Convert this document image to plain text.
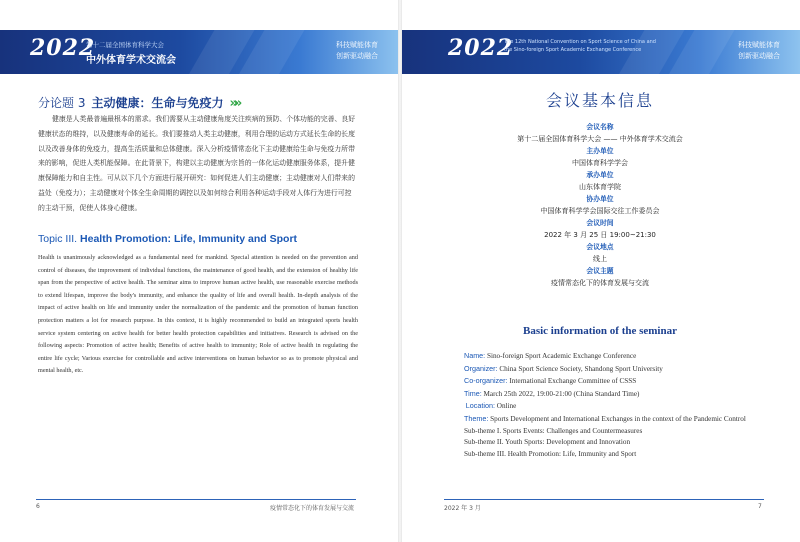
2022
第十二届全国体育科学大会
中外体育学术交流会
科技赋能体育
创新驱动融合
分论题 3 主动健康：生命与免疫力 »»
健康是人类最普遍最根本的需求。我们需要从主动健康角度关注疾病的预防、个体功能的完善、良好健康状态的维持，以及健康寿命的延长。我们要推动人类主动健康，利用合理的运动方式延长生命的长度以及改善身体的免疫力，提高生活质量和总体健康。深入分析疫情常态化下主动健康给生命与免疫力所带来的影响，促进人类机能保障。在此背景下，构建以主动健康为宗旨的一体化运动健康服务体系，提升健康保障能力和自主性。可从以下几个方面进行展开研究：如何促进人们主动健康；主动健康对人们带来的益处（免疫力）；主动健康对个体全生命周期的调控以及如何综合利用各种运动手段对人体行为进行可控的主动干预，促使人体身心健康。
Topic III. Health Promotion: Life, Immunity and Sport
Health is unanimously acknowledged as a fundamental need for mankind. Special attention is needed on the prevention and control of diseases, the improvement of individual functions, the maintenance of good health, and the extension of healthy life span from the perspective of active health. The seminar aims to improve human active health, use reasonable exercise methods to extend lifespan, improve the body's immunity, and enhance the quality of life and overall health. In-depth analysis of the impact of active health on life and immunity under the normalization of the pandemic and the promotion of human function protection matters a lot for research purpose. In this context, it is highly recommended to build an integrated sports health service system centering on active health for better health protection capabilities and initiatives. Research is advised on the following aspects: Promotion of active health; Benefits of active health to immunity; Role of active health in regulating the entire life cycle; Various exercise for controllable and active interventions on human behavior so as to promote physical and mental health, etc.
6	疫情常态化下的体育发展与交流
2022
The 12th National Convention on Sport Science of China and
the Sino-foreign Sport Academic Exchange Conference
科技赋能体育
创新驱动融合
会议基本信息
会议名称
第十二届全国体育科学大会 —— 中外体育学术交流会
主办单位
中国体育科学学会
承办单位
山东体育学院
协办单位
中国体育科学学会国际交往工作委员会
会议时间
2022 年 3 月 25 日 19:00~21:30
会议地点
线上
会议主题
疫情常态化下的体育发展与交流
Basic information of the seminar
Name: Sino-foreign Sport Academic Exchange Conference
Organizer: China Sport Science Society, Shandong Sport University
Co-organizer: International Exchange Committee of CSSS
Time: March 25th 2022, 19:00-21:00 (China Standard Time)
Location: Online
Theme: Sports Development and International Exchanges in the context of the Pandemic Control
Sub-theme I. Sports Events: Challenges and Countermeasures
Sub-theme II. Youth Sports: Development and Innovation
Sub-theme III. Health Promotion: Life, Immunity and Sport
2022 年 3 月	7
